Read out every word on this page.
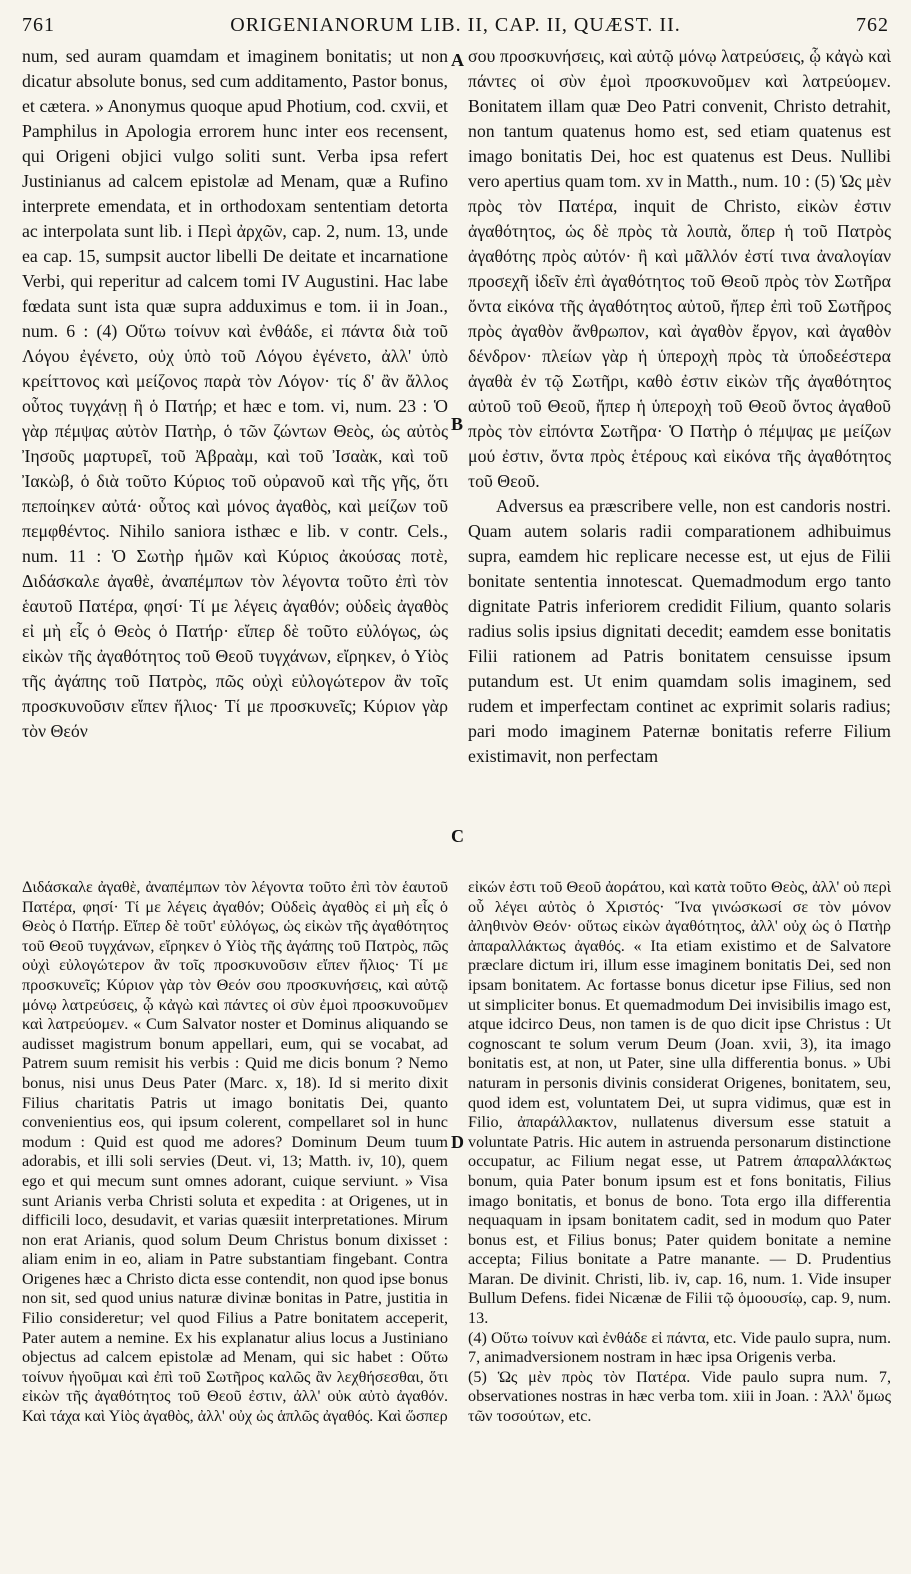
761	ORIGENIANORUM LIB. II, CAP. II, QUÆST. II.	762

num, sed auram quamdam et imaginem bonitatis; ut non dicatur absolute bonus, sed cum additamento, Pastor bonus, et cætera. » Anonymus quoque apud Photium, cod. cxvii, et Pamphilus in Apologia errorem hunc inter eos recensent, qui Origeni objici vulgo soliti sunt. Verba ipsa refert Justinianus ad calcem epistolæ ad Menam, quæ a Rufino interprete emendata, et in orthodoxam sententiam detorta ac interpolata sunt lib. i Περὶ ἀρχῶν, cap. 2, num. 13, unde ea cap. 15, sumpsit auctor libelli De deitate et incarnatione Verbi, qui reperitur ad calcem tomi IV Augustini. Hac labe fœdata sunt ista quæ supra adduximus e tom. ii in Joan., num. 6 : (4) Οὕτω τοίνυν καὶ ἐνθάδε, εἰ πάντα διὰ τοῦ Λόγου ἐγένετο, οὐχ ὑπὸ τοῦ Λόγου ἐγένετο, ἀλλ' ὑπὸ κρείττονος καὶ μείζονος παρὰ τὸν Λόγον· τίς δ' ἂν ἄλλος οὗτος τυγχάνῃ ἢ ὁ Πατήρ; et hæc e tom. vi, num. 23 : Ὁ γὰρ πέμψας αὐτὸν Πατὴρ, ὁ τῶν ζώντων Θεὸς, ὡς αὐτὸς Ἰησοῦς μαρτυρεῖ, τοῦ Ἀβραὰμ, καὶ τοῦ Ἰσαὰκ, καὶ τοῦ Ἰακὼβ, ὁ διὰ τοῦτο Κύριος τοῦ οὐρανοῦ καὶ τῆς γῆς, ὅτι πεποίηκεν αὐτά· οὗτος καὶ μόνος ἀγαθὸς, καὶ μείζων τοῦ πεμφθέντος. Nihilo saniora isthæc e lib. v contr. Cels., num. 11 : Ὁ Σωτὴρ ἡμῶν καὶ Κύριος ἀκούσας ποτὲ, Διδάσκαλε ἀγαθὲ, ἀναπέμπων τὸν λέγοντα τοῦτο ἐπὶ τὸν ἑαυτοῦ Πατέρα, φησί· Τί με λέγεις ἀγαθόν; οὐδεὶς ἀγαθὸς εἰ μὴ εἷς ὁ Θεὸς ὁ Πατήρ· εἴπερ δὲ τοῦτο εὐλόγως, ὡς εἰκὼν τῆς ἀγαθότητος τοῦ Θεοῦ τυγχάνων, εἴρηκεν, ὁ Υἱὸς τῆς ἀγάπης τοῦ Πατρὸς, πῶς οὐχὶ εὐλογώτερον ἂν τοῖς προσκυνοῦσιν εἴπεν ἥλιος· Τί με προσκυνεῖς; Κύριον γὰρ τὸν Θεόν

σου προσκυνήσεις, καὶ αὐτῷ μόνῳ λατρεύσεις, ᾧ κἀγὼ καὶ πάντες οἱ σὺν ἐμοὶ προσκυνοῦμεν καὶ λατρεύομεν. Bonitatem illam quæ Deo Patri convenit, Christo detrahit, non tantum quatenus homo est, sed etiam quatenus est imago bonitatis Dei, hoc est quatenus est Deus. Nullibi vero apertius quam tom. xv in Matth., num. 10 : (5) Ὡς μὲν πρὸς τὸν Πατέρα, inquit de Christo, εἰκὼν ἐστιν ἀγαθότητος, ὡς δὲ πρὸς τὰ λοιπὰ, ὅπερ ἡ τοῦ Πατρὸς ἀγαθότης πρὸς αὐτόν· ἢ καὶ μᾶλλόν ἐστί τινα ἀναλογίαν προσεχῆ ἰδεῖν ἐπὶ ἀγαθότητος τοῦ Θεοῦ πρὸς τὸν Σωτῆρα ὄντα εἰκόνα τῆς ἀγαθότητος αὐτοῦ, ἤπερ ἐπὶ τοῦ Σωτῆρος πρὸς ἀγαθὸν ἄνθρωπον, καὶ ἀγαθὸν ἔργον, καὶ ἀγαθὸν δένδρον· πλείων γὰρ ἡ ὑπεροχὴ πρὸς τὰ ὑποδεέστερα ἀγαθὰ ἐν τῷ Σωτῆρι, καθὸ ἐστιν εἰκὼν τῆς ἀγαθότητος αὐτοῦ τοῦ Θεοῦ, ἤπερ ἡ ὑπεροχὴ τοῦ Θεοῦ ὄντος ἀγαθοῦ πρὸς τὸν εἰπόντα Σωτῆρα· Ὁ Πατὴρ ὁ πέμψας με μείζων μού ἐστιν, ὄντα πρὸς ἑτέρους καὶ εἰκόνα τῆς ἀγαθότητος τοῦ Θεοῦ.

Adversus ea præscribere velle, non est candoris nostri. Quam autem solaris radii comparationem adhibuimus supra, eamdem hic replicare necesse est, ut ejus de Filii bonitate sententia innotescat. Quemadmodum ergo tanto dignitate Patris inferiorem credidit Filium, quanto solaris radius solis ipsius dignitati decedit; eamdem esse bonitatis Filii rationem ad Patris bonitatem censuisse ipsum putandum est. Ut enim quamdam solis imaginem, sed rudem et imperfectam continet ac exprimit solaris radius; pari modo imaginem Paternæ bonitatis referre Filium existimavit, non perfectam

A
B
C
D

Διδάσκαλε ἀγαθὲ, ἀναπέμπων τὸν λέγοντα τοῦτο ἐπὶ τὸν ἑαυτοῦ Πατέρα, φησί· Τί με λέγεις ἀγαθόν; Οὐδεὶς ἀγαθὸς εἰ μὴ εἷς ὁ Θεὸς ὁ Πατήρ. Εἴπερ δὲ τοῦτ' εὐλόγως, ὡς εἰκὼν τῆς ἀγαθότητος τοῦ Θεοῦ τυγχάνων, εἴρηκεν ὁ Υἱὸς τῆς ἀγάπης τοῦ Πατρὸς, πῶς οὐχὶ εὐλογώτερον ἂν τοῖς προσκυνοῦσιν εἴπεν ἥλιος· Τί με προσκυνεῖς; Κύριον γὰρ τὸν Θεόν σου προσκυνήσεις, καὶ αὐτῷ μόνῳ λατρεύσεις, ᾧ κἀγὼ καὶ πάντες οἱ σὺν ἐμοὶ προσκυνοῦμεν καὶ λατρεύομεν. « Cum Salvator noster et Dominus aliquando se audisset magistrum bonum appellari, eum, qui se vocabat, ad Patrem suum remisit his verbis : Quid me dicis bonum ? Nemo bonus, nisi unus Deus Pater (Marc. x, 18). Id si merito dixit Filius charitatis Patris ut imago bonitatis Dei, quanto convenientius eos, qui ipsum colerent, compellaret sol in hunc modum : Quid est quod me adores? Dominum Deum tuum adorabis, et illi soli servies (Deut. vi, 13; Matth. iv, 10), quem ego et qui mecum sunt omnes adorant, cuique serviunt. » Visa sunt Arianis verba Christi soluta et expedita : at Origenes, ut in difficili loco, desudavit, et varias quæsiit interpretationes. Mirum non erat Arianis, quod solum Deum Christus bonum dixisset : aliam enim in eo, aliam in Patre substantiam fingebant. Contra Origenes hæc a Christo dicta esse contendit, non quod ipse bonus non sit, sed quod unius naturæ divinæ bonitas in Patre, justitia in Filio consideretur; vel quod Filius a Patre bonitatem acceperit, Pater autem a nemine. Ex his explanatur alius locus a Justiniano objectus ad calcem epistolæ ad Menam, qui sic habet : Οὕτω τοίνυν ἡγοῦμαι καὶ ἐπὶ τοῦ Σωτῆρος καλῶς ἂν λεχθήσεσθαι, ὅτι εἰκὼν τῆς ἀγαθότητος τοῦ Θεοῦ ἐστιν, ἀλλ' οὐκ αὐτὸ ἀγαθόν. Καὶ τάχα καὶ Υἱὸς ἀγαθὸς, ἀλλ' οὐχ ὡς ἁπλῶς ἀγαθός. Καὶ ὥσπερ

εἰκών ἐστι τοῦ Θεοῦ ἀοράτου, καὶ κατὰ τοῦτο Θεὸς, ἀλλ' οὐ περὶ οὗ λέγει αὐτὸς ὁ Χριστός· Ἵνα γινώσκωσί σε τὸν μόνον ἀληθινὸν Θεόν· οὕτως εἰκὼν ἀγαθότητος, ἀλλ' οὐχ ὡς ὁ Πατὴρ ἀπαραλλάκτως ἀγαθός. « Ita etiam existimo et de Salvatore præclare dictum iri, illum esse imaginem bonitatis Dei, sed non ipsam bonitatem. Ac fortasse bonus dicetur ipse Filius, sed non ut simpliciter bonus. Et quemadmodum Dei invisibilis imago est, atque idcirco Deus, non tamen is de quo dicit ipse Christus : Ut cognoscant te solum verum Deum (Joan. xvii, 3), ita imago bonitatis est, at non, ut Pater, sine ulla differentia bonus. » Ubi naturam in personis divinis considerat Origenes, bonitatem, seu, quod idem est, voluntatem Dei, ut supra vidimus, quæ est in Filio, ἀπαράλλακτον, nullatenus diversum esse statuit a voluntate Patris. Hic autem in astruenda personarum distinctione occupatur, ac Filium negat esse, ut Patrem ἀπαραλλάκτως bonum, quia Pater bonum ipsum est et fons bonitatis, Filius imago bonitatis, et bonus de bono. Tota ergo illa differentia nequaquam in ipsam bonitatem cadit, sed in modum quo Pater bonus est, et Filius bonus; Pater quidem bonitate a nemine accepta; Filius bonitate a Patre manante. — D. Prudentius Maran. De divinit. Christi, lib. iv, cap. 16, num. 1. Vide insuper Bullum Defens. fidei Nicænæ de Filii τῷ ὁμοουσίῳ, cap. 9, num. 13.

(4) Οὕτω τοίνυν καὶ ἐνθάδε εἰ πάντα, etc. Vide paulo supra, num. 7, animadversionem nostram in hæc ipsa Origenis verba.

(5) Ὡς μὲν πρὸς τὸν Πατέρα. Vide paulo supra num. 7, observationes nostras in hæc verba tom. xiii in Joan. : Ἀλλ' ὅμως τῶν τοσούτων, etc.
